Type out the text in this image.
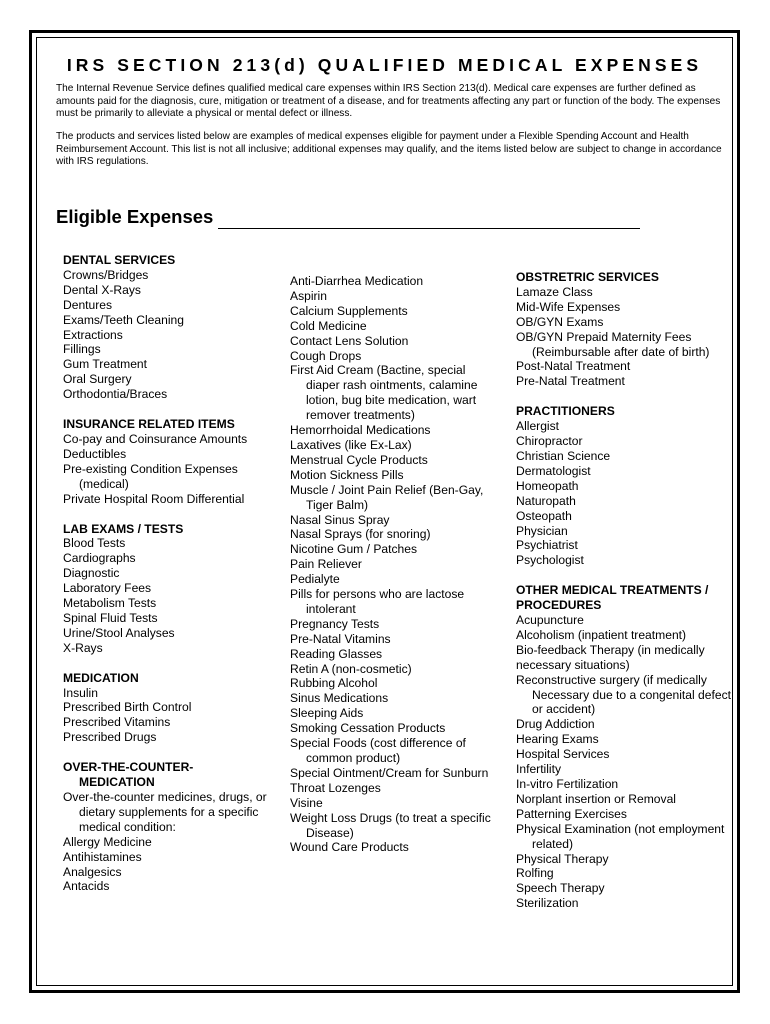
IRS SECTION 213(d) QUALIFIED MEDICAL EXPENSES
The Internal Revenue Service defines qualified medical care expenses within IRS Section 213(d). Medical care expenses are further defined as
amounts paid for the diagnosis, cure, mitigation or treatment of a disease, and for treatments affecting any part or function of the body. The expenses
must be primarily to alleviate a physical or mental defect or illness.
The products and services listed below are examples of medical expenses eligible for payment under a Flexible Spending Account and Health
Reimbursement Account. This list is not all inclusive; additional expenses may qualify, and the items listed below are subject to change in accordance
with IRS regulations.
Eligible Expenses
DENTAL SERVICES
Crowns/Bridges
Dental X-Rays
Dentures
Exams/Teeth Cleaning
Extractions
Fillings
Gum Treatment
Oral Surgery
Orthodontia/Braces
INSURANCE RELATED ITEMS
Co-pay and Coinsurance Amounts
Deductibles
Pre-existing Condition Expenses
(medical)
Private Hospital Room Differential
LAB EXAMS / TESTS
Blood Tests
Cardiographs
Diagnostic
Laboratory Fees
Metabolism Tests
Spinal Fluid Tests
Urine/Stool Analyses
X-Rays
MEDICATION
Insulin
Prescribed Birth Control
Prescribed Vitamins
Prescribed Drugs
OVER-THE-COUNTER-
MEDICATION
Over-the-counter medicines, drugs, or
dietary supplements for a specific
medical condition:
Allergy Medicine
Antihistamines
Analgesics
Antacids
Anti-Diarrhea Medication
Aspirin
Calcium Supplements
Cold Medicine
Contact Lens Solution
Cough Drops
First Aid Cream (Bactine, special
diaper rash ointments, calamine
lotion, bug bite medication, wart
remover treatments)
Hemorrhoidal Medications
Laxatives (like Ex-Lax)
Menstrual Cycle Products
Motion Sickness Pills
Muscle / Joint Pain Relief (Ben-Gay,
Tiger Balm)
Nasal Sinus Spray
Nasal Sprays (for snoring)
Nicotine Gum / Patches
Pain Reliever
Pedialyte
Pills for persons who are lactose
intolerant
Pregnancy Tests
Pre-Natal Vitamins
Reading Glasses
Retin A (non-cosmetic)
Rubbing Alcohol
Sinus Medications
Sleeping Aids
Smoking Cessation Products
Special Foods (cost difference of
common product)
Special Ointment/Cream for Sunburn
Throat Lozenges
Visine
Weight Loss Drugs (to treat a specific
Disease)
Wound Care Products
OBSTRETRIC SERVICES
Lamaze Class
Mid-Wife Expenses
OB/GYN Exams
OB/GYN Prepaid Maternity Fees
(Reimbursable after date of birth)
Post-Natal Treatment
Pre-Natal Treatment
PRACTITIONERS
Allergist
Chiropractor
Christian Science
Dermatologist
Homeopath
Naturopath
Osteopath
Physician
Psychiatrist
Psychologist
OTHER MEDICAL TREATMENTS /
PROCEDURES
Acupuncture
Alcoholism (inpatient treatment)
Bio-feedback Therapy (in medically
necessary situations)
Reconstructive surgery (if medically
Necessary due to a congenital defect
or accident)
Drug Addiction
Hearing Exams
Hospital Services
Infertility
In-vitro Fertilization
Norplant insertion or Removal
Patterning Exercises
Physical Examination (not employment
related)
Physical Therapy
Rolfing
Speech Therapy
Sterilization
